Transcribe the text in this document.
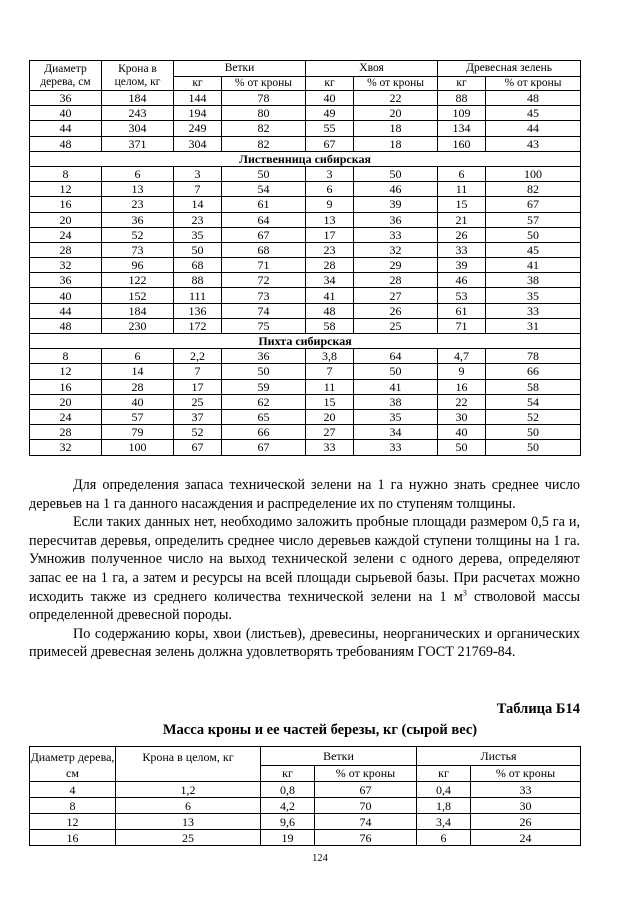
Диаметр дерева, см	Крона в целом, кг	Ветки		Хвоя		Древесная зелень	
		кг	% от кроны	кг	% от кроны	кг	% от кроны
36	184	144	78	40	22	88	48
40	243	194	80	49	20	109	45
44	304	249	82	55	18	134	44
48	371	304	82	67	18	160	43
Лиственница сибирская							
8	6	3	50	3	50	6	100
12	13	7	54	6	46	11	82
16	23	14	61	9	39	15	67
20	36	23	64	13	36	21	57
24	52	35	67	17	33	26	50
28	73	50	68	23	32	33	45
32	96	68	71	28	29	39	41
36	122	88	72	34	28	46	38
40	152	111	73	41	27	53	35
44	184	136	74	48	26	61	33
48	230	172	75	58	25	71	31
Пихта сибирская							
8	6	2,2	36	3,8	64	4,7	78
12	14	7	50	7	50	9	66
16	28	17	59	11	41	16	58
20	40	25	62	15	38	22	54
24	57	37	65	20	35	30	52
28	79	52	66	27	34	40	50
32	100	67	67	33	33	50	50

Для определения запаса технической зелени на 1 га нужно знать среднее число деревьев на 1 га данного насаждения и распределение их по ступеням толщины.

Если таких данных нет, необходимо заложить пробные площади размером 0,5 га и, пересчитав деревья, определить среднее число деревьев каждой ступени толщины на 1 га. Умножив полученное число на выход технической зелени с одного дерева, определяют запас ее на 1 га, а затем и ресурсы на всей площади сырьевой базы. При расчетах можно исходить также из среднего количества технической зелени на 1 $м^3$ стволовой массы определенной древесной породы.

По содержанию коры, хвои (листьев), древесины, неорганических и органических примесей древесная зелень должна удовлетворять требованиям ГОСТ 21769-84.

Таблица Б14
Масса кроны и ее частей березы, кг (сырой вес)
Диаметр дерева, см	Крона в целом, кг	Ветки		Листья	
		кг	% от кроны	кг	% от кроны
4	1,2	0,8	67	0,4	33
8	6	4,2	70	1,8	30
12	13	9,6	74	3,4	26
16	25	19	76	6	24
124
